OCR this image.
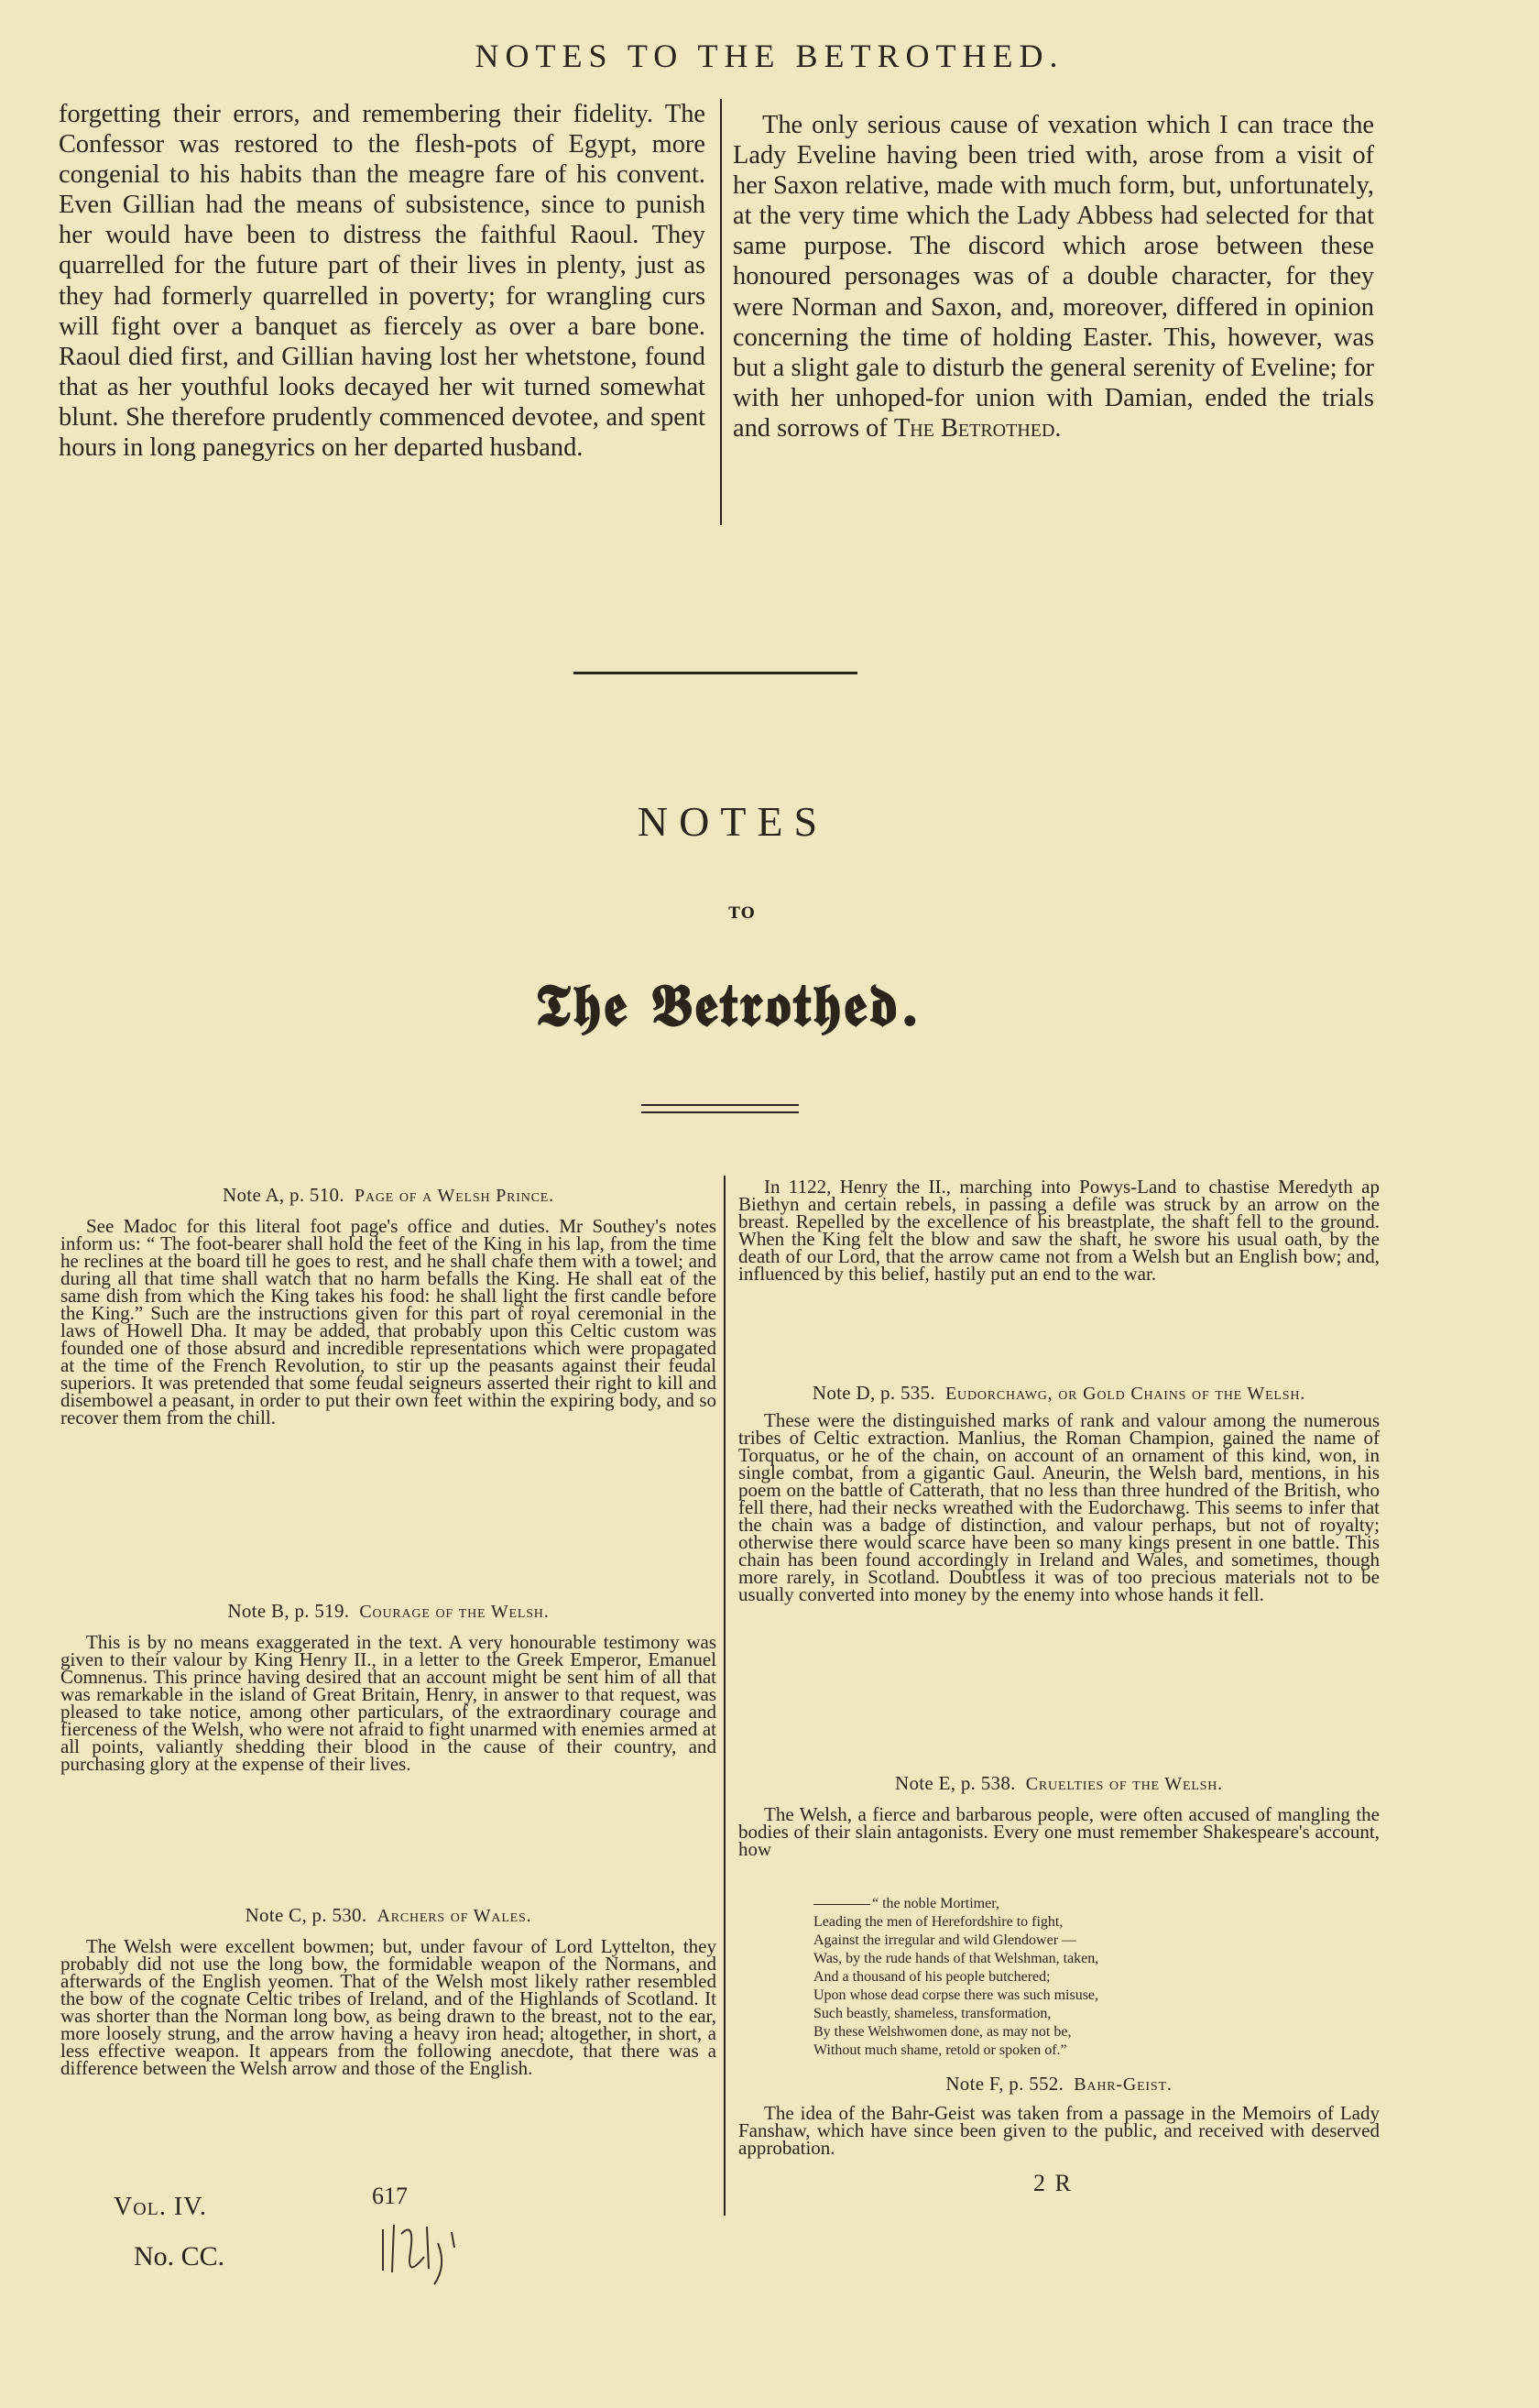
NOTES TO THE BETROTHED.

forgetting their errors, and remembering their fidelity. The Confessor was restored to the flesh-pots of Egypt, more congenial to his habits than the meagre fare of his convent. Even Gillian had the means of subsistence, since to punish her would have been to distress the faithful Raoul. They quarrelled for the future part of their lives in plenty, just as they had formerly quarrelled in poverty; for wrangling curs will fight over a banquet as fiercely as over a bare bone. Raoul died first, and Gillian having lost her whetstone, found that as her youthful looks decayed her wit turned somewhat blunt. She therefore prudently commenced devotee, and spent hours in long panegyrics on her departed husband.

The only serious cause of vexation which I can trace the Lady Eveline having been tried with, arose from a visit of her Saxon relative, made with much form, but, unfortunately, at the very time which the Lady Abbess had selected for that same purpose. The discord which arose between these honoured personages was of a double character, for they were Norman and Saxon, and, moreover, differed in opinion concerning the time of holding Easter. This, however, was but a slight gale to disturb the general serenity of Eveline; for with her unhoped-for union with Damian, ended the trials and sorrows of The Betrothed.

NOTES
TO
𝕿𝖍𝖊 𝕭𝖊𝖙𝖗𝖔𝖙𝖍𝖊𝖉.

Note A, p. 510. Page of a Welsh Prince.

See Madoc for this literal foot page's office and duties. Mr Southey's notes inform us: “ The foot-bearer shall hold the feet of the King in his lap, from the time he reclines at the board till he goes to rest, and he shall chafe them with a towel; and during all that time shall watch that no harm befalls the King. He shall eat of the same dish from which the King takes his food: he shall light the first candle before the King.” Such are the instructions given for this part of royal ceremonial in the laws of Howell Dha. It may be added, that probably upon this Celtic custom was founded one of those absurd and incredible representations which were propagated at the time of the French Revolution, to stir up the peasants against their feudal superiors. It was pretended that some feudal seigneurs asserted their right to kill and disembowel a peasant, in order to put their own feet within the expiring body, and so recover them from the chill.

Note B, p. 519. Courage of the Welsh.

This is by no means exaggerated in the text. A very honourable testimony was given to their valour by King Henry II., in a letter to the Greek Emperor, Emanuel Comnenus. This prince having desired that an account might be sent him of all that was remarkable in the island of Great Britain, Henry, in answer to that request, was pleased to take notice, among other particulars, of the extraordinary courage and fierceness of the Welsh, who were not afraid to fight unarmed with enemies armed at all points, valiantly shedding their blood in the cause of their country, and purchasing glory at the expense of their lives.

Note C, p. 530. Archers of Wales.

The Welsh were excellent bowmen; but, under favour of Lord Lyttelton, they probably did not use the long bow, the formidable weapon of the Normans, and afterwards of the English yeomen. That of the Welsh most likely rather resembled the bow of the cognate Celtic tribes of Ireland, and of the Highlands of Scotland. It was shorter than the Norman long bow, as being drawn to the breast, not to the ear, more loosely strung, and the arrow having a heavy iron head; altogether, in short, a less effective weapon. It appears from the following anecdote, that there was a difference between the Welsh arrow and those of the English.

In 1122, Henry the II., marching into Powys-Land to chastise Meredyth ap Biethyn and certain rebels, in passing a defile was struck by an arrow on the breast. Repelled by the excellence of his breastplate, the shaft fell to the ground. When the King felt the blow and saw the shaft, he swore his usual oath, by the death of our Lord, that the arrow came not from a Welsh but an English bow; and, influenced by this belief, hastily put an end to the war.

Note D, p. 535. Eudorchawg, or Gold Chains of the Welsh.

These were the distinguished marks of rank and valour among the numerous tribes of Celtic extraction. Manlius, the Roman Champion, gained the name of Torquatus, or he of the chain, on account of an ornament of this kind, won, in single combat, from a gigantic Gaul. Aneurin, the Welsh bard, mentions, in his poem on the battle of Catterath, that no less than three hundred of the British, who fell there, had their necks wreathed with the Eudorchawg. This seems to infer that the chain was a badge of distinction, and valour perhaps, but not of royalty; otherwise there would scarce have been so many kings present in one battle. This chain has been found accordingly in Ireland and Wales, and sometimes, though more rarely, in Scotland. Doubtless it was of too precious materials not to be usually converted into money by the enemy into whose hands it fell.

Note E, p. 538. Cruelties of the Welsh.

The Welsh, a fierce and barbarous people, were often accused of mangling the bodies of their slain antagonists. Every one must remember Shakespeare's account, how

“ the noble Mortimer,
Leading the men of Herefordshire to fight,
Against the irregular and wild Glendower —
Was, by the rude hands of that Welshman, taken,
And a thousand of his people butchered;
Upon whose dead corpse there was such misuse,
Such beastly, shameless, transformation,
By these Welshwomen done, as may not be,
Without much shame, retold or spoken of.”

Note F, p. 552. Bahr-Geist.

The idea of the Bahr-Geist was taken from a passage in the Memoirs of Lady Fanshaw, which have since been given to the public, and received with deserved approbation.

Vol. IV.
No. CC.
617	2 R
